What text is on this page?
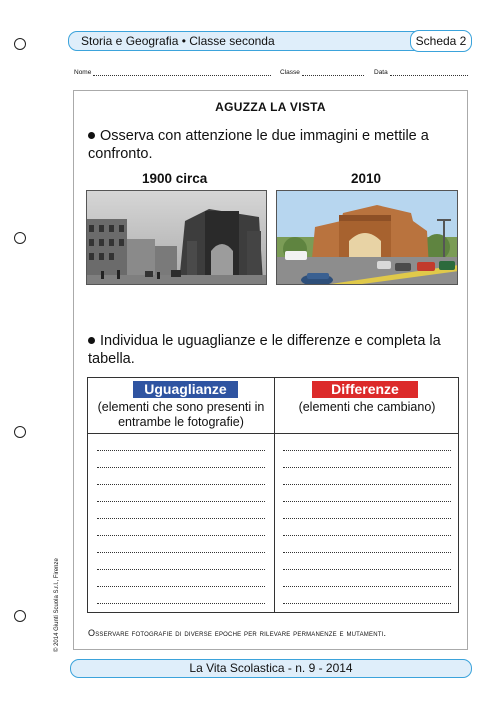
Storia e Geografia • Classe seconda	Scheda 2
Nome	Classe	Data
AGUZZA LA VISTA
Osserva con attenzione le due immagini e mettile a confronto.
1900 circa	2010
Individua le uguaglianze e le differenze e completa la tabella.
Uguaglianze
(elementi che sono presenti in entrambe le fotografie)
Differenze
(elementi che cambiano)
Osservare fotografie di diverse epoche per rilevare permanenze e mutamenti.
© 2014 Giunti Scuola S.r.l., Firenze
La Vita Scolastica - n. 9 - 2014
